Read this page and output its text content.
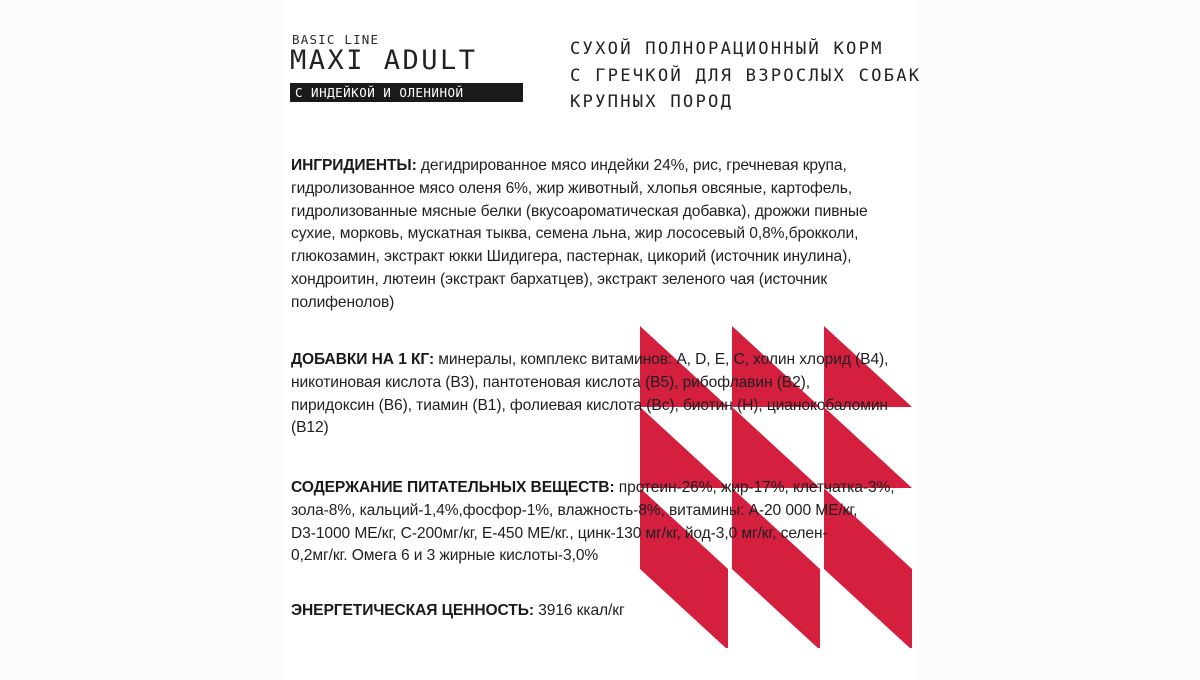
BASIC LINE
MAXI ADULT
С ИНДЕЙКОЙ И ОЛЕНИНОЙ
СУХОЙ ПОЛНОРАЦИОННЫЙ КОРМ
С ГРЕЧКОЙ ДЛЯ ВЗРОСЛЫХ СОБАК
КРУПНЫХ ПОРОД
ИНГРИДИЕНТЫ: дегидрированное мясо индейки 24%, рис, гречневая крупа,
гидролизованное мясо оленя 6%, жир животный, хлопья овсяные, картофель,
гидролизованные мясные белки (вкусоароматическая добавка), дрожжи пивные
сухие, морковь, мускатная тыква, семена льна, жир лососевый 0,8%,брокколи,
глюкозамин, экстракт юкки Шидигера, пастернак, цикорий (источник инулина),
хондроитин, лютеин (экстракт бархатцев), экстракт зеленого чая (источник
полифенолов)
ДОБАВКИ НА 1 КГ: минералы, комплекс витаминов: A, D, E, C, холин хлорид (B4),
никотиновая кислота (B3), пантотеновая кислота (B5), рибофлавин (B2),
пиридоксин (B6), тиамин (B1), фолиевая кислота (Bc), биотин (H), цианокобаломин
(B12)
СОДЕРЖАНИЕ ПИТАТЕЛЬНЫХ ВЕЩЕСТВ: протеин-26%, жир-17%, клетчатка-3%,
зола-8%, кальций-1,4%,фосфор-1%, влажность-8%, витамины: A-20 000 МЕ/кг,
D3-1000 МЕ/кг, C-200мг/кг, E-450 МЕ/кг., цинк-130 мг/кг, йод-3,0 мг/кг, селен-
0,2мг/кг. Омега 6 и 3 жирные кислоты-3,0%
ЭНЕРГЕТИЧЕСКАЯ ЦЕННОСТЬ: 3916 ккал/кг
